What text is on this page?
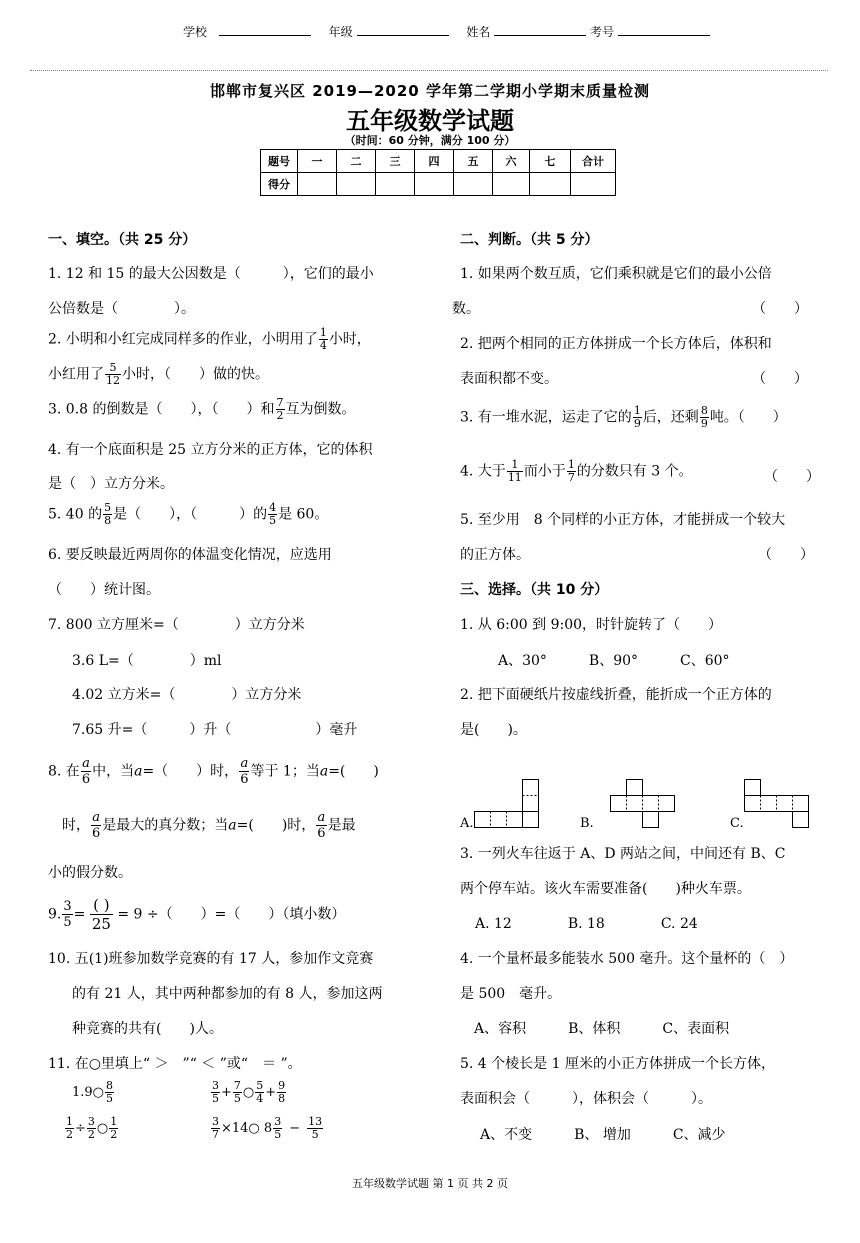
学校	年级	姓名	考号
邯郸市复兴区 2019—2020 学年第二学期小学期末质量检测
五年级数学试题
（时间：60 分钟，满分 100 分）
题号	一	二	三	四	五	六	七	合计
得分								
一、填空。（共 25 分）
1. 12 和 15 的最大公因数是（　　　），它们的最小
公倍数是（　　　　）。
2. 小明和小红完成同样多的作业，小明用了 $\frac{1}{4}$ 小时，
小红用了 $\frac{5}{12}$ 小时，（　　）做的快。
3. 0.8 的倒数是（　　），（　　）和 $\frac{7}{2}$ 互为倒数。
4. 有一个底面积是 25 立方分米的正方体，它的体积
是（　）立方分米。
5. 40 的 $\frac{5}{8}$ 是（　　），（　　　）的 $\frac{4}{5}$ 是 60。
6. 要反映最近两周你的体温变化情况，应选用
（　　）统计图。
7. 800 立方厘米=（　　　　）立方分米
3.6 L=（　　　　）ml
4.02 立方米=（　　　　）立方分米
7.65 升=（　　　）升（　　　　　　）毫升
8. 在 $\frac{a}{6}$ 中，当a=（　　）时， $\frac{a}{6}$ 等于 1；当a=(　　)
时， $\frac{a}{6}$ 是最大的真分数；当a=(　　)时， $\frac{a}{6}$ 是最
小的假分数。
9. $\frac{3}{5}$ =
( )
25
= 9 ÷（　　）=（　　）（填小数）
10. 五(1)班参加数学竞赛的有 17 人，参加作文竞赛
的有 21 人，其中两种都参加的有 8 人，参加这两
种竞赛的共有(　　)人。
11. 在○里填上“ ＞　”“ ＜ ”或“　＝ ”。
1.9○ $\frac{8}{5}$	$\frac{3}{5} + \frac{7}{5}$ ○ $\frac{5}{4} + \frac{9}{8}$
$\frac{1}{2} \div \frac{3}{2}$ ○ $\frac{1}{2}$	$\frac{3}{7}$ ×14○ $8 \frac{3}{5} - \frac{13}{5}$
二、判断。（共 5 分）
1. 如果两个数互质，它们乘积就是它们的最小公倍
数。	（　　）
2. 把两个相同的正方体拼成一个长方体后，体积和
表面积都不变。	（　　）
3. 有一堆水泥，运走了它的 $\frac{1}{9}$ 后，还剩 $\frac{8}{9}$ 吨。（　　）
4. 大于 $\frac{1}{11}$ 而小于 $\frac{1}{7}$ 的分数只有 3 个。	（　　）
5. 至少用　8 个同样的小正方体，才能拼成一个较大
的正方体。	（　　）
三、选择。（共 10 分）
1. 从 6:00 到 9:00，时针旋转了（　　）
A、30°　　　B、90°　　　C、60°
2. 把下面硬纸片按虚线折叠，能折成一个正方体的
是(　　)。
A.	B.	C.
3. 一列火车往返于 A、D 两站之间，中间还有 B、C
两个停车站。该火车需要准备(　　)种火车票。
A. 12　　　　B. 18　　　　C. 24
4. 一个量杯最多能装水 500 毫升。这个量杯的（　）
是 500　毫升。
A、容积　　　B、体积　　　C、表面积
5. 4 个棱长是 1 厘米的小正方体拼成一个长方体，
表面积会（　　　），体积会（　　　）。
A、不变　　　B、 增加　　　C、减少
五年级数学试题 第 1 页 共 2 页
